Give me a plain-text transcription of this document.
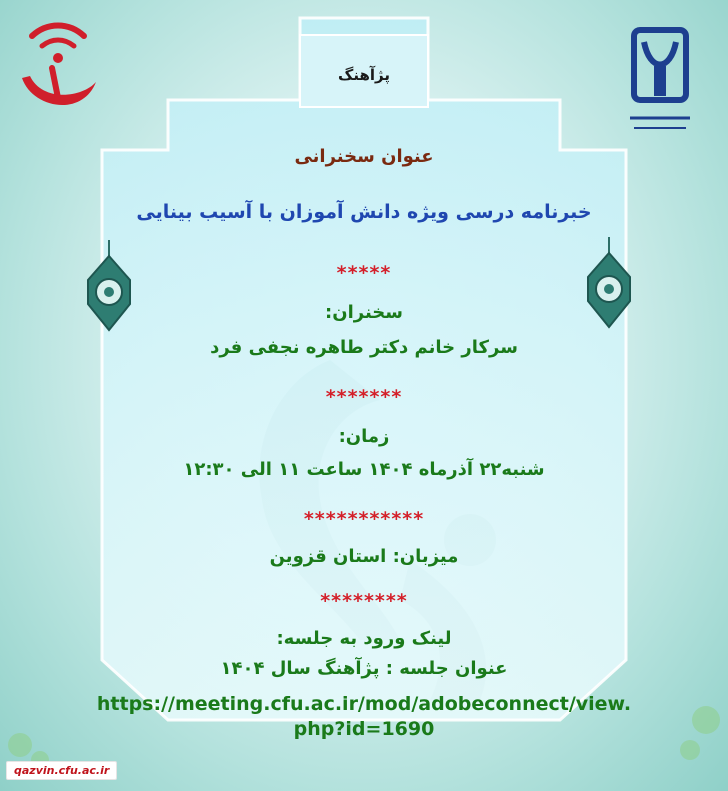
پژآهنگ
عنوان سخنرانی
خبرنامه درسی ویژه دانش آموزان با آسیب بینایی
*****
سخنران:
سرکار خانم دکتر طاهره نجفی فرد
*******
زمان:
شنبه۲۲ آذرماه ۱۴۰۴ ساعت ۱۱ الی ۱۲:۳۰
***********
میزبان: استان قزوین
********
لینک ورود به جلسه:
عنوان جلسه : پژآهنگ سال ۱۴۰۴
https://meeting.cfu.ac.ir/mod/adobeconnect/view.
php?id=1690
qazvin.cfu.ac.ir
